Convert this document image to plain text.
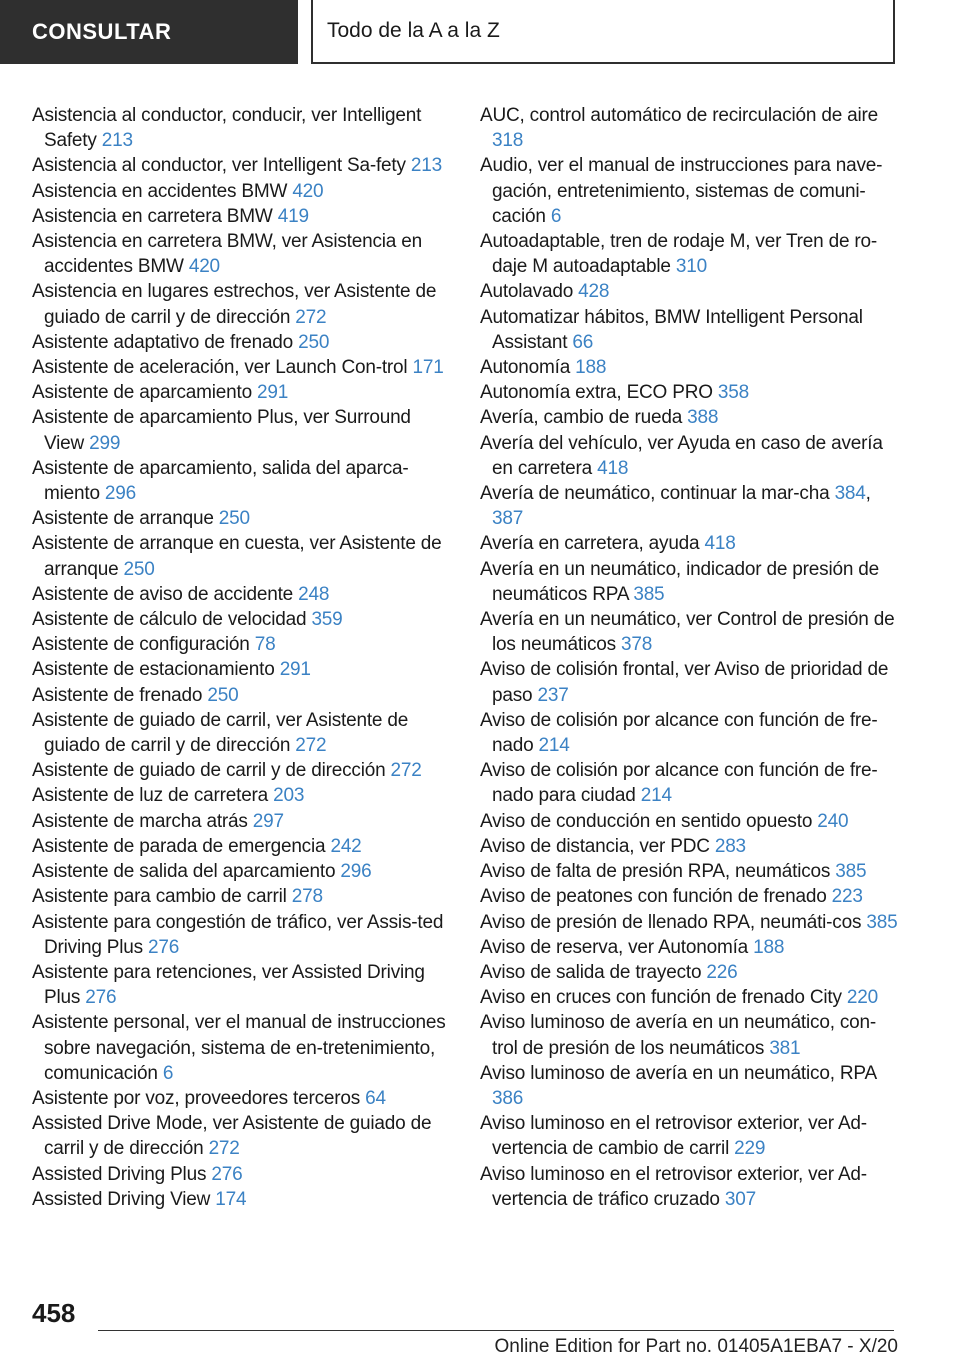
CONSULTAR	Todo de la A a la Z
Asistencia al conductor, conducir, ver Intelligent Safety 213
Asistencia al conductor, ver Intelligent Sa-fety 213
Asistencia en accidentes BMW 420
Asistencia en carretera BMW 419
Asistencia en carretera BMW, ver Asistencia en accidentes BMW 420
Asistencia en lugares estrechos, ver Asistente de guiado de carril y de dirección 272
Asistente adaptativo de frenado 250
Asistente de aceleración, ver Launch Con-trol 171
Asistente de aparcamiento 291
Asistente de aparcamiento Plus, ver Surround View 299
Asistente de aparcamiento, salida del aparca-miento 296
Asistente de arranque 250
Asistente de arranque en cuesta, ver Asistente de arranque 250
Asistente de aviso de accidente 248
Asistente de cálculo de velocidad 359
Asistente de configuración 78
Asistente de estacionamiento 291
Asistente de frenado 250
Asistente de guiado de carril, ver Asistente de guiado de carril y de dirección 272
Asistente de guiado de carril y de dirección 272
Asistente de luz de carretera 203
Asistente de marcha atrás 297
Asistente de parada de emergencia 242
Asistente de salida del aparcamiento 296
Asistente para cambio de carril 278
Asistente para congestión de tráfico, ver Assis-ted Driving Plus 276
Asistente para retenciones, ver Assisted Driving Plus 276
Asistente personal, ver el manual de instrucciones sobre navegación, sistema de en-tretenimiento, comunicación 6
Asistente por voz, proveedores terceros 64
Assisted Drive Mode, ver Asistente de guiado de carril y de dirección 272
Assisted Driving Plus 276
Assisted Driving View 174
AUC, control automático de recirculación de aire 318
Audio, ver el manual de instrucciones para nave-gación, entretenimiento, sistemas de comuni-cación 6
Autoadaptable, tren de rodaje M, ver Tren de ro-daje M autoadaptable 310
Autolavado 428
Automatizar hábitos, BMW Intelligent Personal Assistant 66
Autonomía 188
Autonomía extra, ECO PRO 358
Avería, cambio de rueda 388
Avería del vehículo, ver Ayuda en caso de avería en carretera 418
Avería de neumático, continuar la mar-cha 384, 387
Avería en carretera, ayuda 418
Avería en un neumático, indicador de presión de neumáticos RPA 385
Avería en un neumático, ver Control de presión de los neumáticos 378
Aviso de colisión frontal, ver Aviso de prioridad de paso 237
Aviso de colisión por alcance con función de fre-nado 214
Aviso de colisión por alcance con función de fre-nado para ciudad 214
Aviso de conducción en sentido opuesto 240
Aviso de distancia, ver PDC 283
Aviso de falta de presión RPA, neumáticos 385
Aviso de peatones con función de frenado 223
Aviso de presión de llenado RPA, neumáti-cos 385
Aviso de reserva, ver Autonomía 188
Aviso de salida de trayecto 226
Aviso en cruces con función de frenado City 220
Aviso luminoso de avería en un neumático, con-trol de presión de los neumáticos 381
Aviso luminoso de avería en un neumático, RPA 386
Aviso luminoso en el retrovisor exterior, ver Ad-vertencia de cambio de carril 229
Aviso luminoso en el retrovisor exterior, ver Ad-vertencia de tráfico cruzado 307
458
Online Edition for Part no. 01405A1EBA7 - X/20
